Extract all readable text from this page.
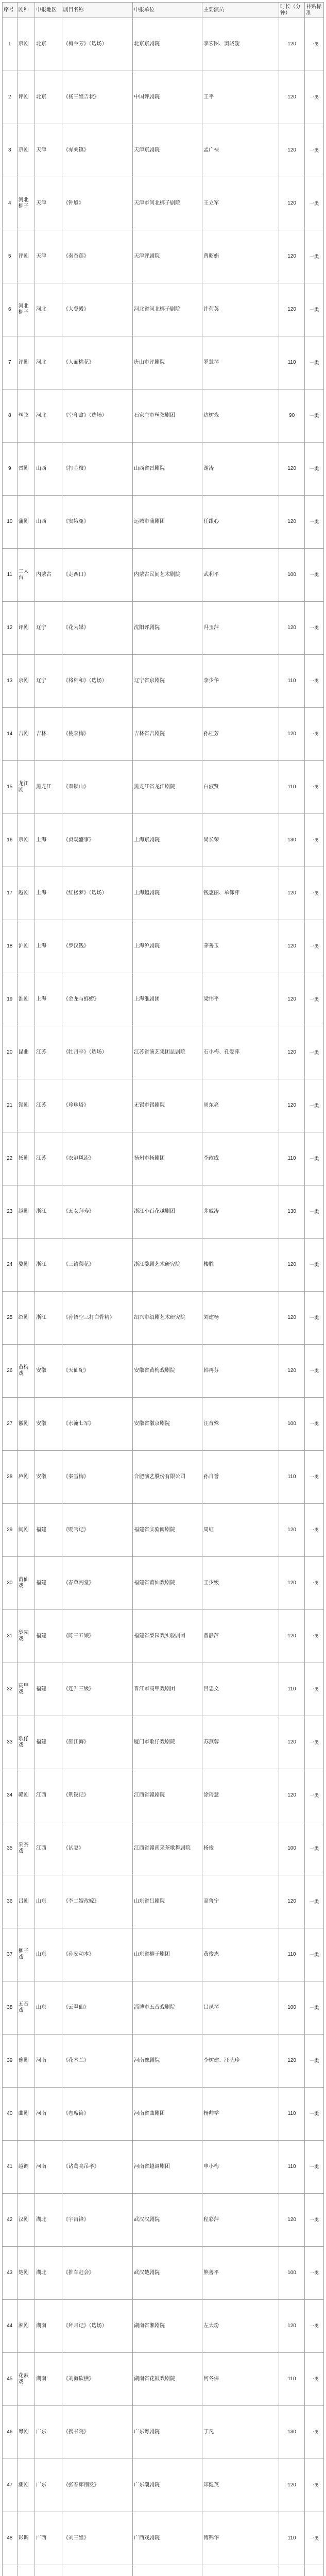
序号	剧种	申报地区	剧目名称	申报单位	主要演员	时长（分钟）	补贴标准
1	京剧	北京	《梅兰芳》（选场）	北京京剧院	李宏图、窦晓璇	120	一类
2	评剧	北京	《杨三姐告状》	中国评剧院	王平	120	一类
3	京剧	天津	《赤桑镇》	天津京剧院	孟广禄	120	一类
4	河北梆子	天津	《钟馗》	天津市河北梆子剧院	王立军	120	一类
5	评剧	天津	《秦香莲》	天津评剧院	曾昭娟	120	一类
6	河北梆子	河北	《大登殿》	河北省河北梆子剧院	许荷英	120	一类
7	评剧	河北	《人面桃花》	唐山市评剧院	罗慧琴	110	一类
8	丝弦	河北	《空印盒》（选场）	石家庄市丝弦剧团	边树森	90	一类
9	晋剧	山西	《打金枝》	山西省晋剧院	谢涛	120	一类
10	蒲剧	山西	《窦娥冤》	运城市蒲剧团	任跟心	120	一类
11	二人台	内蒙古	《走西口》	内蒙古民间艺术剧院	武利平	100	一类
12	评剧	辽宁	《花为媒》	沈阳评剧院	冯玉萍	120	一类
13	京剧	辽宁	《将相和》（选场）	辽宁省京剧院	李少华	110	一类
14	吉剧	吉林	《桃李梅》	吉林省吉剧院	孙桂芳	120	一类
15	龙江剧	黑龙江	《双锁山》	黑龙江省龙江剧院	白淑贤	110	一类
16	京剧	上海	《贞观盛事》	上海京剧院	尚长荣	130	一类
17	越剧	上海	《红楼梦》（选场）	上海越剧院	钱惠丽、单仰萍	120	一类
18	沪剧	上海	《罗汉钱》	上海沪剧院	茅善玉	120	一类
19	淮剧	上海	《金龙与蜉蝣》	上海淮剧团	梁伟平	120	一类
20	昆曲	江苏	《牡丹亭》（选场）	江苏省演艺集团昆剧院	石小梅、孔爱萍	120	一类
21	锡剧	江苏	《珍珠塔》	无锡市锡剧院	周东亮	120	一类
22	扬剧	江苏	《衣冠风流》	扬州市扬剧团	李政成	110	一类
23	越剧	浙江	《五女拜寿》	浙江小百花越剧团	茅威涛	130	一类
24	婺剧	浙江	《三请梨花》	浙江婺剧艺术研究院	楼胜	120	一类
25	绍剧	浙江	《孙悟空三打白骨精》	绍兴市绍剧艺术研究院	刘建杨	120	一类
26	黄梅戏	安徽	《天仙配》	安徽省黄梅戏剧院	韩再芬	120	一类
27	徽剧	安徽	《水淹七军》	安徽省徽京剧院	汪育殊	100	一类
28	庐剧	安徽	《秦雪梅》	合肥演艺股份有限公司	孙自誉	110	一类
29	闽剧	福建	《贬官记》	福建省实验闽剧院	周虹	120	一类
30	莆仙戏	福建	《春草闯堂》	福建省莆仙戏剧院	王少媛	120	一类
31	梨园戏	福建	《陈三五娘》	福建省梨园戏实验剧团	曾静萍	120	一类
32	高甲戏	福建	《连升三级》	晋江市高甲戏剧团	吕忠文	110	一类
33	歌仔戏	福建	《邵江海》	厦门市歌仔戏剧院	苏燕蓉	120	一类
34	赣剧	江西	《荆钗记》	江西省赣剧院	涂玲慧	120	一类
35	采茶戏	江西	《试妻》	江西省赣南采茶歌舞剧院	杨俊	100	一类
36	吕剧	山东	《李二嫂改嫁》	山东省吕剧院	高鲁宁	120	一类
37	柳子戏	山东	《孙安动本》	山东省柳子剧团	黄俊杰	110	一类
38	五音戏	山东	《云翠仙》	淄博市五音戏剧院	吕凤琴	100	一类
39	豫剧	河南	《花木兰》	河南豫剧院	李树建、汪荃珍	120	一类
40	曲剧	河南	《卷席筒》	河南省曲剧团	杨帅学	110	一类
41	越调	河南	《诸葛亮吊孝》	河南省越调剧团	申小梅	110	一类
42	汉剧	湖北	《宇宙锋》	武汉汉剧院	程彩萍	120	一类
43	楚剧	湖北	《推车赶会》	武汉楚剧院	熊善平	100	一类
44	湘剧	湖南	《拜月记》（选场）	湖南省湘剧院	左大玢	120	一类
45	花鼓戏	湖南	《刘海砍樵》	湖南省花鼓戏剧院	何冬保	110	一类
46	粤剧	广东	《搜书院》	广东粤剧院	丁凡	130	一类
47	潮剧	广东	《张春郎削发》	广东潮剧院	郑健英	120	一类
48	彩调	广西	《刘三姐》	广西戏剧院	傅锦华	110	一类
